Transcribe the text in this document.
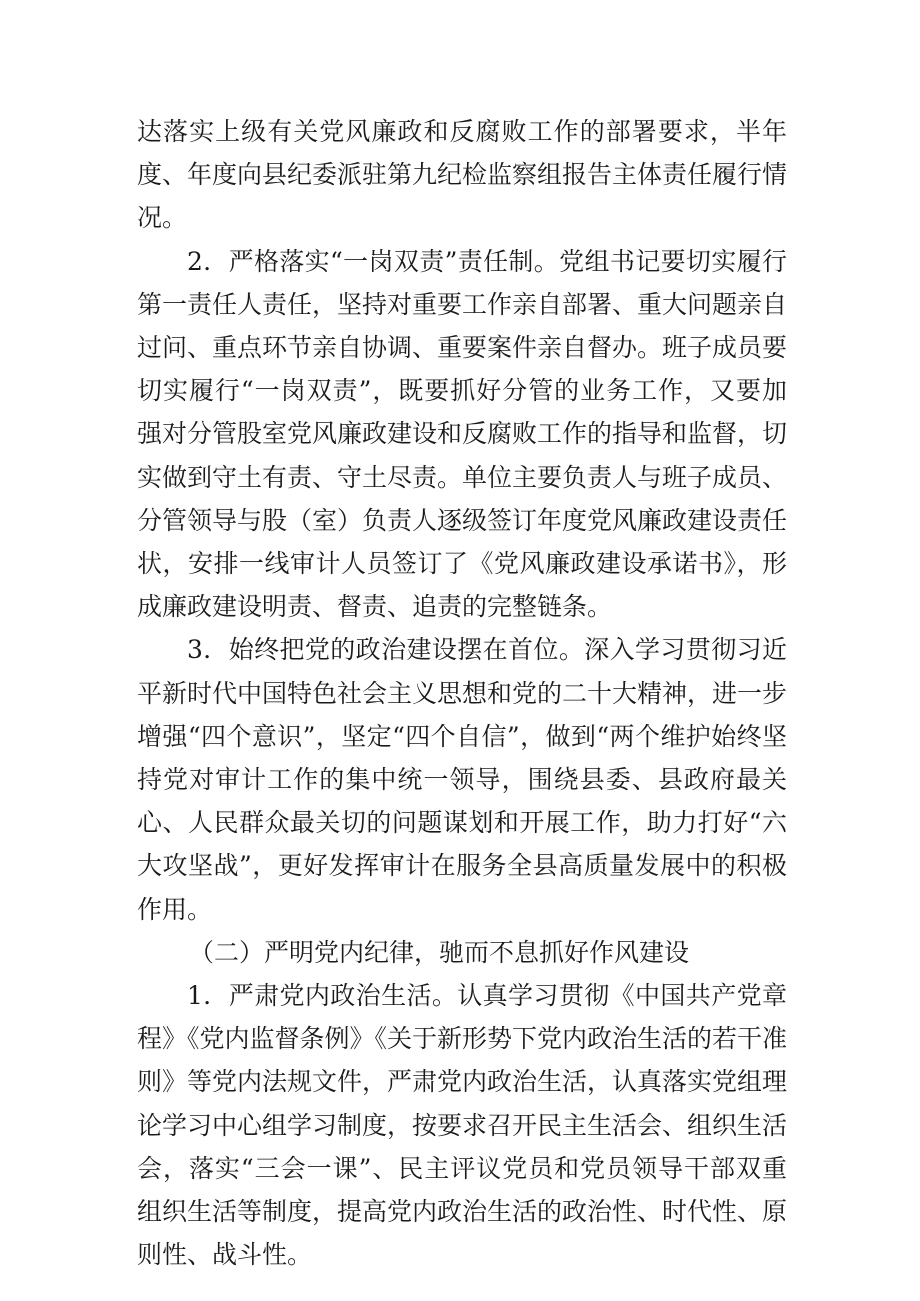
达落实上级有关党风廉政和反腐败工作的部署要求，半年度、年度向县纪委派驻第九纪检监察组报告主体责任履行情况。

2．严格落实“一岗双责”责任制。党组书记要切实履行第一责任人责任，坚持对重要工作亲自部署、重大问题亲自过问、重点环节亲自协调、重要案件亲自督办。班子成员要切实履行“一岗双责”，既要抓好分管的业务工作，又要加强对分管股室党风廉政建设和反腐败工作的指导和监督，切实做到守土有责、守土尽责。单位主要负责人与班子成员、分管领导与股（室）负责人逐级签订年度党风廉政建设责任状，安排一线审计人员签订了《党风廉政建设承诺书》，形成廉政建设明责、督责、追责的完整链条。

3．始终把党的政治建设摆在首位。深入学习贯彻习近平新时代中国特色社会主义思想和党的二十大精神，进一步增强“四个意识”，坚定“四个自信”，做到“两个维护始终坚持党对审计工作的集中统一领导，围绕县委、县政府最关心、人民群众最关切的问题谋划和开展工作，助力打好“六大攻坚战”，更好发挥审计在服务全县高质量发展中的积极作用。

（二）严明党内纪律，驰而不息抓好作风建设

1．严肃党内政治生活。认真学习贯彻《中国共产党章程》《党内监督条例》《关于新形势下党内政治生活的若干准则》等党内法规文件，严肃党内政治生活，认真落实党组理论学习中心组学习制度，按要求召开民主生活会、组织生活会，落实“三会一课”、民主评议党员和党员领导干部双重组织生活等制度，提高党内政治生活的政治性、时代性、原则性、战斗性。
